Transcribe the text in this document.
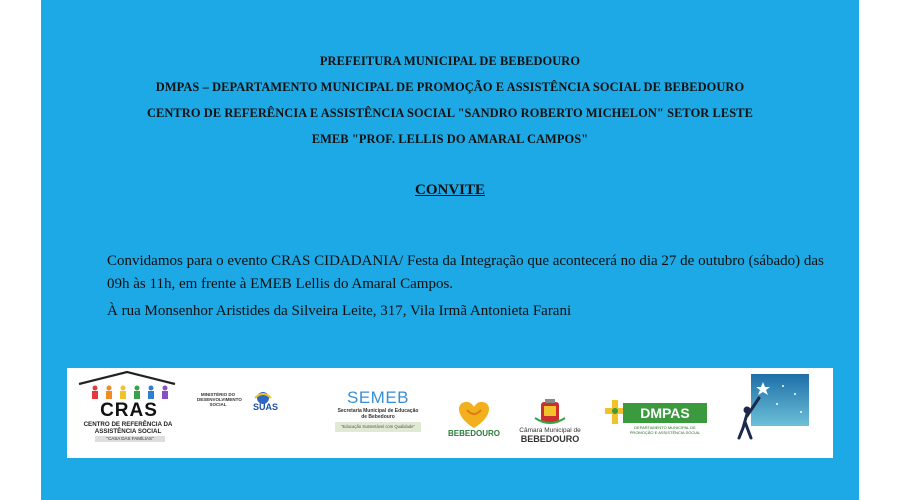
PREFEITURA MUNICIPAL DE BEBEDOURO
DMPAS – DEPARTAMENTO MUNICIPAL DE PROMOÇÃO E ASSISTÊNCIA SOCIAL DE BEBEDOURO
CENTRO DE REFERÊNCIA E ASSISTÊNCIA SOCIAL "SANDRO ROBERTO MICHELON" SETOR LESTE
EMEB "PROF. LELLIS DO AMARAL CAMPOS"
CONVITE

Convidamos para o evento CRAS CIDADANIA/ Festa da Integração que acontecerá no dia 27 de outubro (sábado) das 09h às 11h, em frente à EMEB Lellis do Amaral Campos.

À rua Monsenhor Aristides da Silveira Leite, 317, Vila Irmã Antonieta Farani

CRAS
CENTRO DE REFERÊNCIA DA ASSISTÊNCIA SOCIAL
"CASA DAS FAMÍLIAS"
MINISTÉRIO DO DESENVOLVIMENTO SOCIAL	SUAS	SEMEB
Secretaria Municipal de Educação de Bebedouro
"Educação Sustentável com Qualidade"
BEBEDOURO	Câmara Municipal de
BEBEDOURO
DMPAS
DEPARTAMENTO MUNICIPAL DE PROMOÇÃO E ASSISTÊNCIA SOCIAL
